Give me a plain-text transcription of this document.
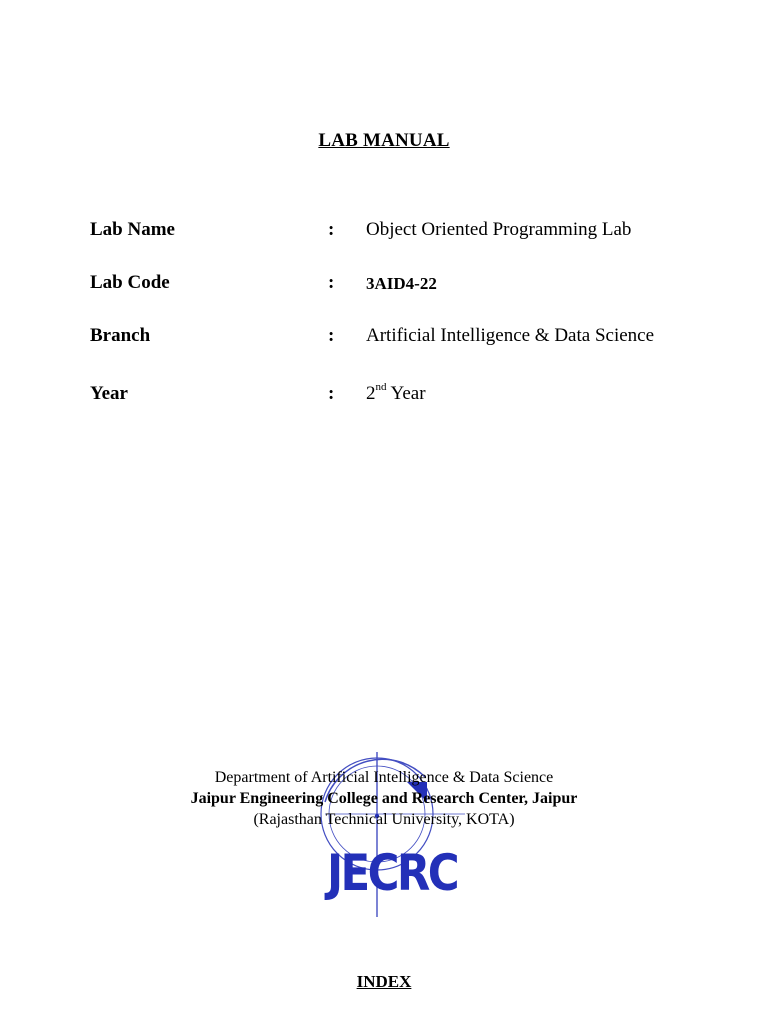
LAB MANUAL
Lab Name	: Object Oriented Programming Lab
Lab Code	: 3AID4-22
Branch	: Artificial Intelligence & Data Science
Year	: 2nd Year
JECRC
Department of Artificial Intelligence & Data Science
Jaipur Engineering College and Research Center, Jaipur
(Rajasthan Technical University, KOTA)
INDEX
